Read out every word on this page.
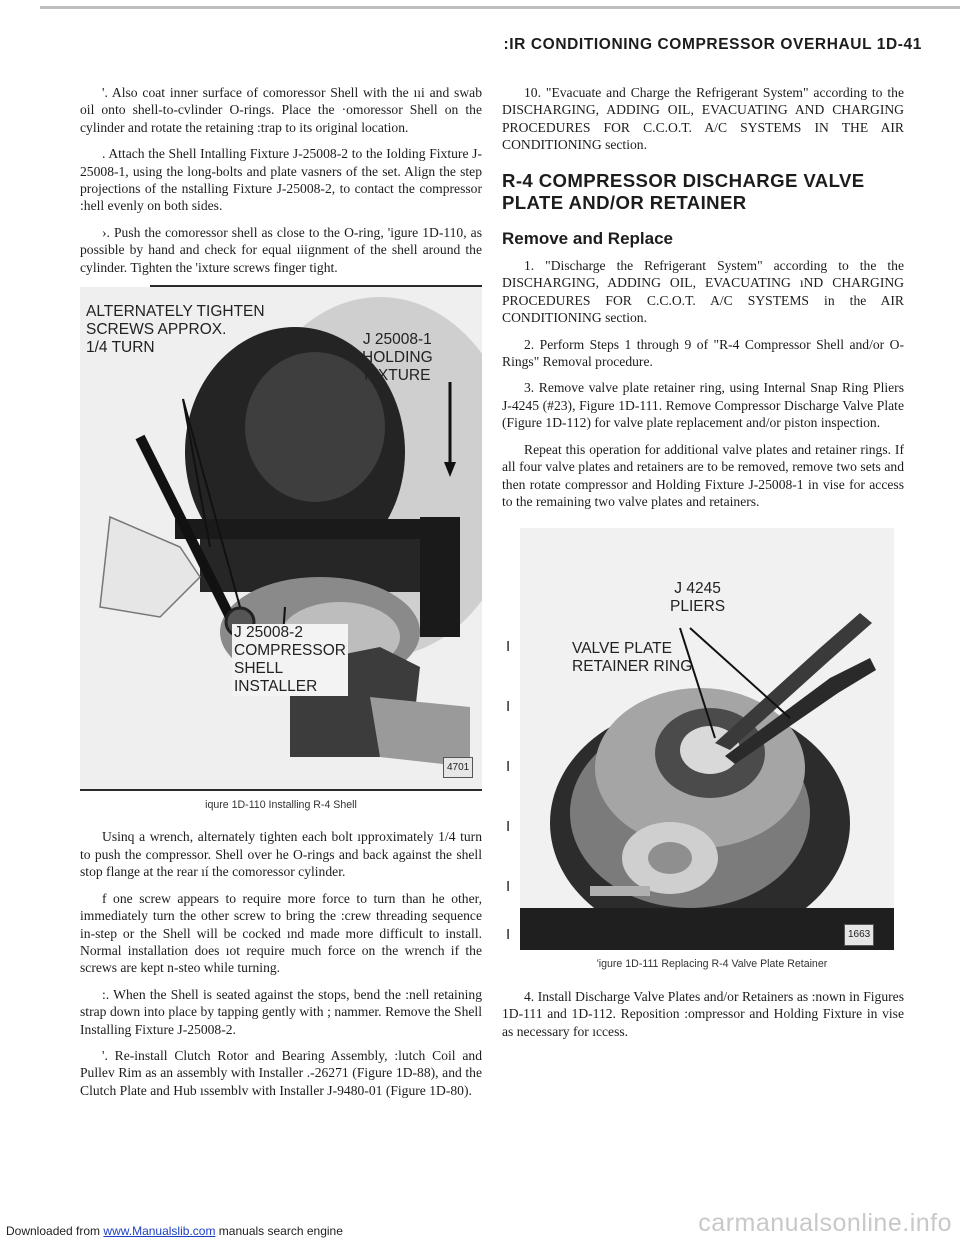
:IR CONDITIONING COMPRESSOR OVERHAUL 1D-41

'. Also coat inner surface of comoressor Shell with the ııi and swab oil onto shell-to-cvlinder O-rings. Place the ·omoressor Shell on the cylinder and rotate the retaining :trap to its original location.

. Attach the Shell Intalling Fixture J-25008-2 to the Iolding Fixture J-25008-1, using the long-bolts and plate vasners of the set. Align the step projections of the nstalling Fixture J-25008-2, to contact the compressor :hell evenly on both sides.

›. Push the comoressor shell as close to the O-ring, 'igure 1D-110, as possible by hand and check for equal ıiignment of the shell around the cylinder. Tighten the 'ixture screws finger tight.

ALTERNATELY TIGHTEN
SCREWS APPROX.
1/4 TURN	J 25008-1
HOLDING
FIXTURE
J 25008-2
COMPRESSOR
SHELL
INSTALLER
4701
iqure 1D-110 Installing R-4 Shell

Usinq a wrench, alternately tighten each bolt ıpproximately 1/4 turn to push the compressor. Shell over he O-rings and back against the shell stop flange at the rear ıí the comoressor cylinder.

f one screw appears to require more force to turn than he other, immediately turn the other screw to bring the :crew threading sequence in-step or the Shell will be cocked ınd made more difficult to install. Normal installation does ıot require much force on the wrench if the screws are kept n-steo while turning.

:. When the Shell is seated against the stops, bend the :nell retaining strap down into place by tapping gently with ; nammer. Remove the Shell Installing Fixture J-25008-2.

'. Re-install Clutch Rotor and Bearing Assembly, :lutch Coil and Pullev Rim as an assembly with Installer .-26271 (Figure 1D-88), and the Clutch Plate and Hub ıssemblv with Installer J-9480-01 (Figure 1D-80).

10. "Evacuate and Charge the Refrigerant System" according to the DISCHARGING, ADDING OIL, EVACUATING AND CHARGING PROCEDURES FOR C.C.O.T. A/C SYSTEMS IN THE AIR CONDITIONING section.

R-4 COMPRESSOR DISCHARGE VALVE PLATE AND/OR RETAINER
Remove and Replace

1. "Discharge the Refrigerant System" according to the the DISCHARGING, ADDING OIL, EVACUATING ıND CHARGING PROCEDURES FOR C.C.O.T. A/C SYSTEMS in the AIR CONDITIONING section.

2. Perform Steps 1 through 9 of "R-4 Compressor Shell and/or O-Rings" Removal procedure.

3. Remove valve plate retainer ring, using Internal Snap Ring Pliers J-4245 (#23), Figure 1D-111. Remove Compressor Discharge Valve Plate (Figure 1D-112) for valve plate replacement and/or piston inspection.

Repeat this operation for additional valve plates and retainer rings. If all four valve plates and retainers are to be removed, remove two sets and then rotate compressor and Holding Fixture J-25008-1 in vise for access to the remaining two valve plates and retainers.

J 4245
PLIERS
VALVE PLATE
RETAINER RING
1663
I
I
I
I
I
I
'igure 1D-111 Replacing R-4 Valve Plate Retainer

4. Install Discharge Valve Plates and/or Retainers as :nown in Figures 1D-111 and 1D-112. Reposition :ompressor and Holding Fixture in vise as necessary for ıccess.

Downloaded from www.Manualslib.com manuals search engine	carmanualsonline.info
